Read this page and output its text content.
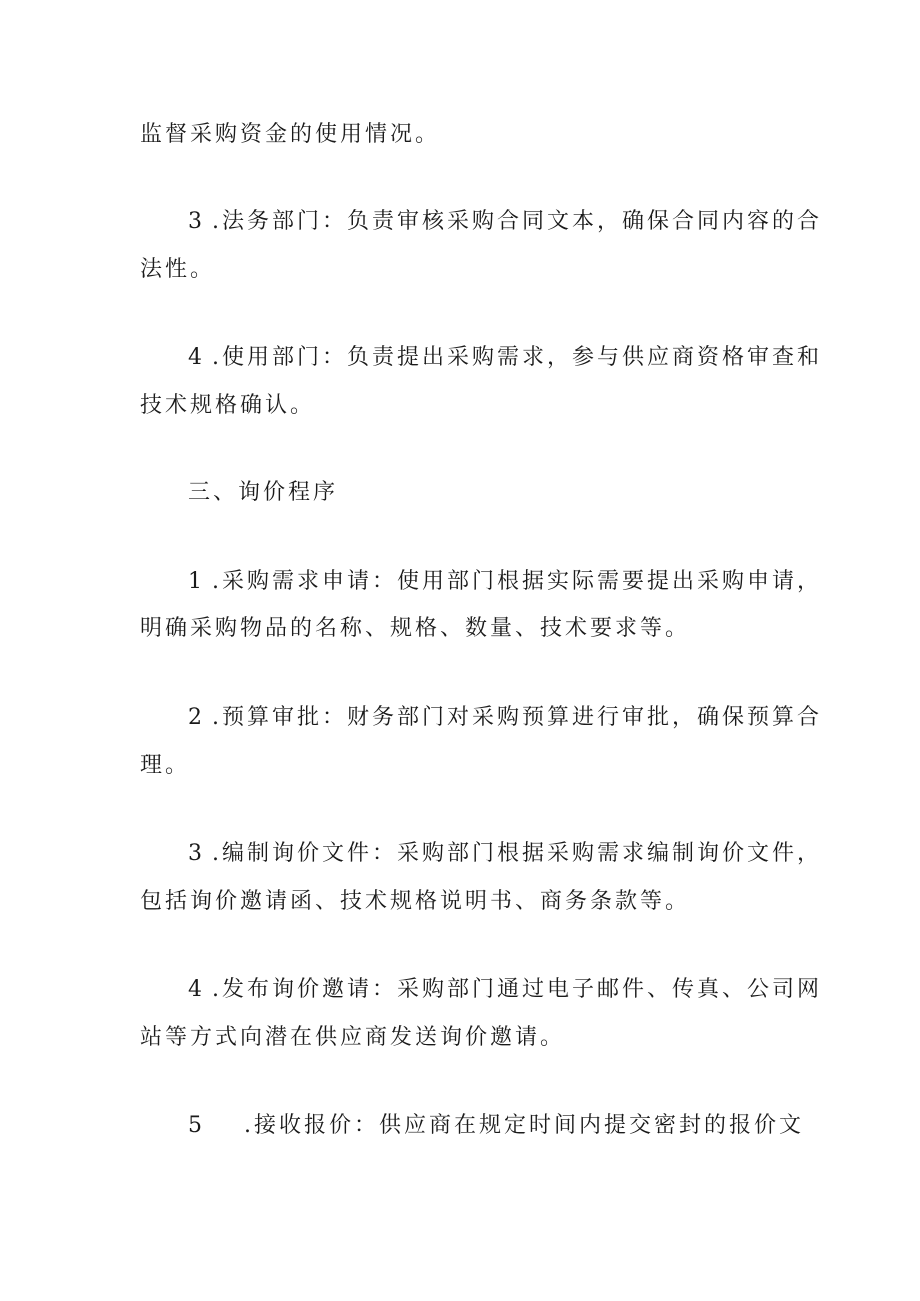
监督采购资金的使用情况。
3 .法务部门：负责审核采购合同文本，确保合同内容的合
法性。
4 .使用部门：负责提出采购需求，参与供应商资格审查和
技术规格确认。
三、询价程序
1 .采购需求申请：使用部门根据实际需要提出采购申请，
明确采购物品的名称、规格、数量、技术要求等。
2 .预算审批：财务部门对采购预算进行审批，确保预算合
理。
3 .编制询价文件：采购部门根据采购需求编制询价文件，
包括询价邀请函、技术规格说明书、商务条款等。
4 .发布询价邀请：采购部门通过电子邮件、传真、公司网
站等方式向潜在供应商发送询价邀请。
5 .接收报价：供应商在规定时间内提交密封的报价文
